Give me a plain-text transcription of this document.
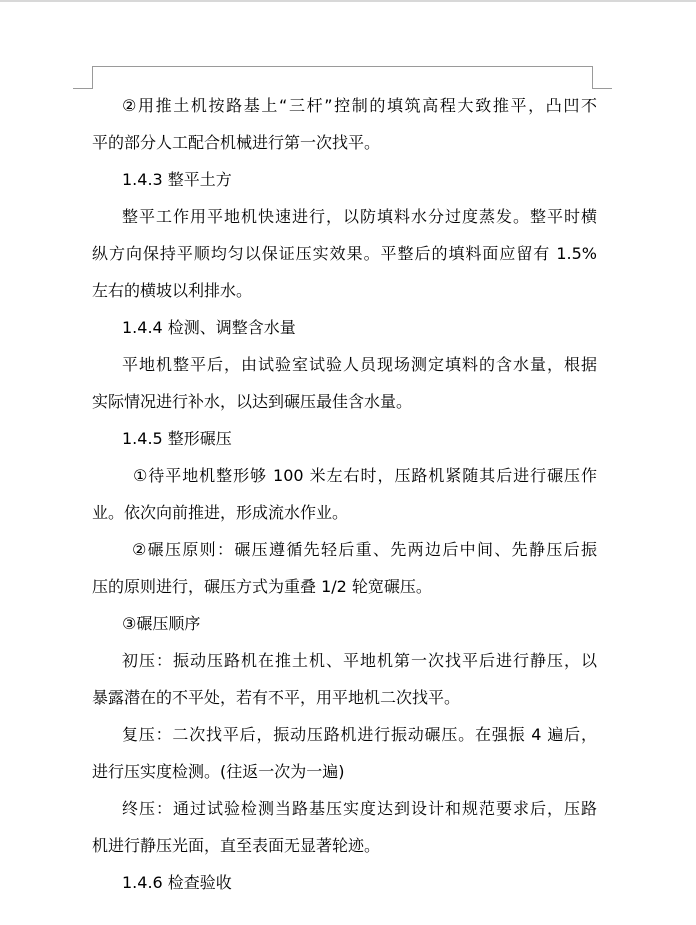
②用推土机按路基上“三杆”控制的填筑高程大致推平，凸凹不
平的部分人工配合机械进行第一次找平。
1.4.3 整平土方
整平工作用平地机快速进行，以防填料水分过度蒸发。整平时横
纵方向保持平顺均匀以保证压实效果。平整后的填料面应留有 1.5%
左右的横坡以利排水。
1.4.4 检测、调整含水量
平地机整平后，由试验室试验人员现场测定填料的含水量，根据
实际情况进行补水，以达到碾压最佳含水量。
1.4.5 整形碾压
①待平地机整形够 100 米左右时，压路机紧随其后进行碾压作
业。依次向前推进，形成流水作业。
②碾压原则：碾压遵循先轻后重、先两边后中间、先静压后振
压的原则进行，碾压方式为重叠 1/2 轮宽碾压。
③碾压顺序
初压：振动压路机在推土机、平地机第一次找平后进行静压，以
暴露潜在的不平处，若有不平，用平地机二次找平。
复压：二次找平后，振动压路机进行振动碾压。在强振 4 遍后，
进行压实度检测。(往返一次为一遍)
终压：通过试验检测当路基压实度达到设计和规范要求后，压路
机进行静压光面，直至表面无显著轮迹。
1.4.6 检查验收
